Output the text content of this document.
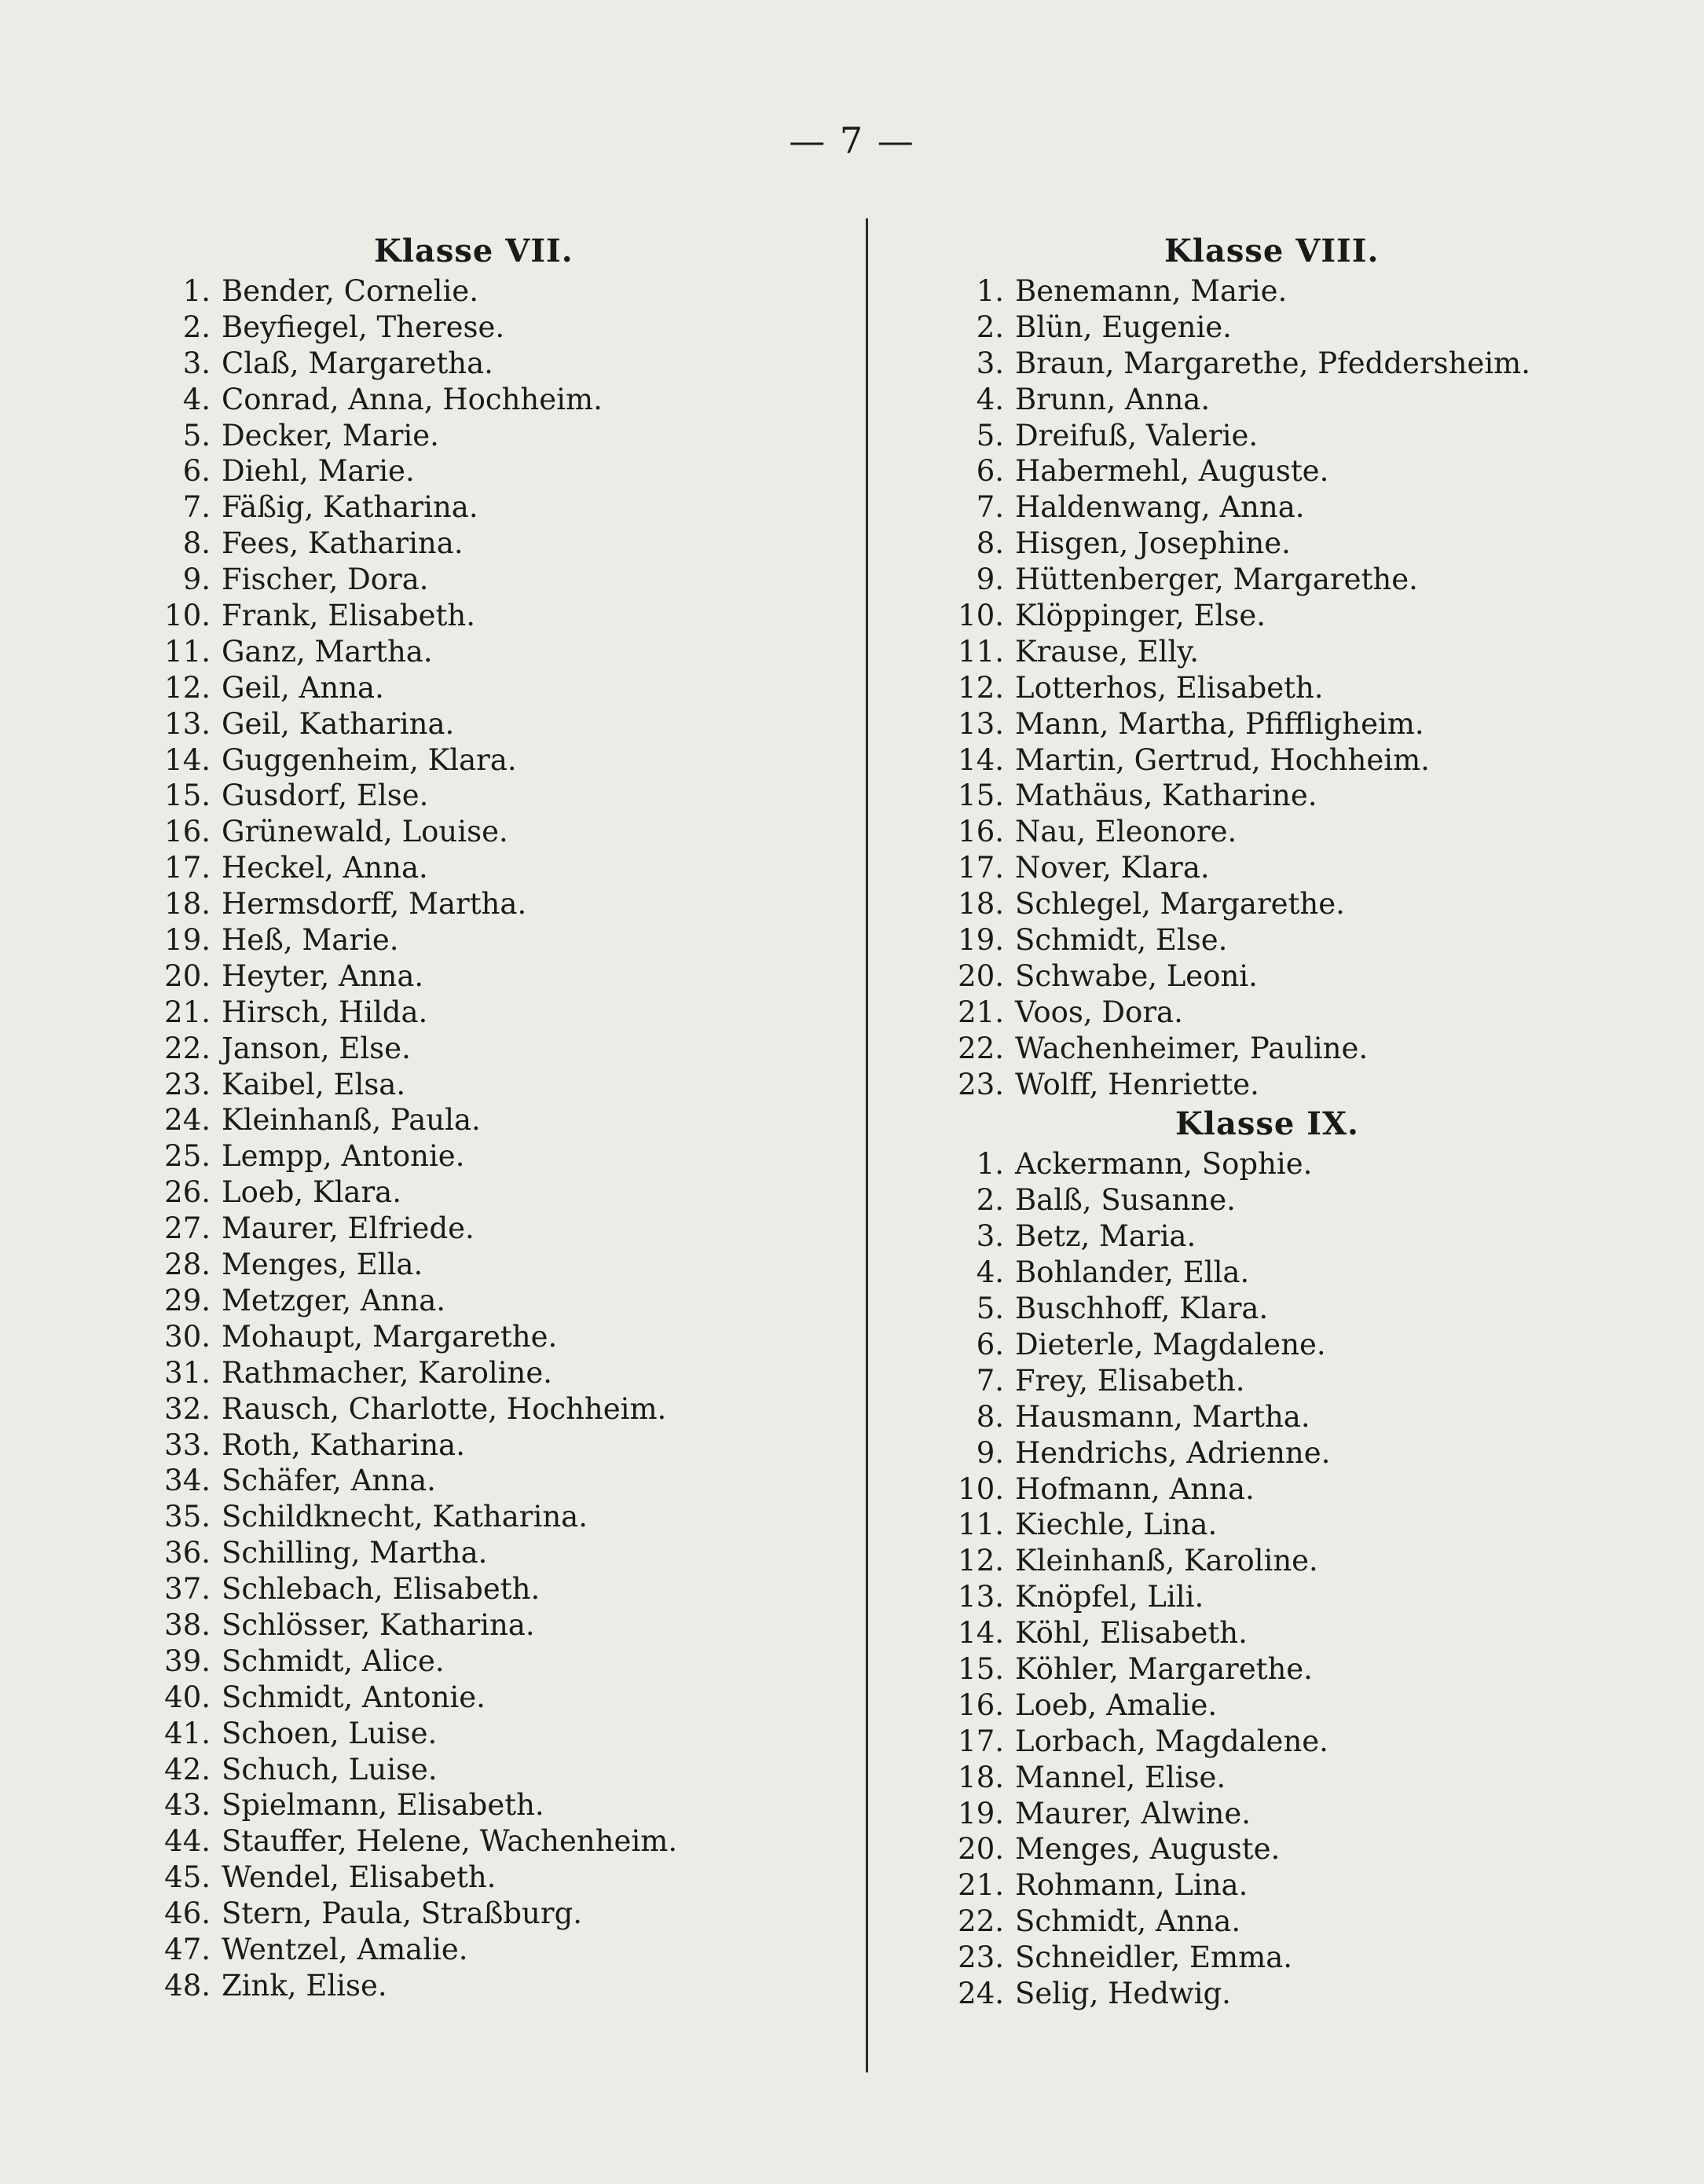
— 7 —
Klasse VII.
1. Bender, Cornelie.
2. Beyfiegel, Therese.
3. Claß, Margaretha.
4. Conrad, Anna, Hochheim.
5. Decker, Marie.
6. Diehl, Marie.
7. Fäßig, Katharina.
8. Fees, Katharina.
9. Fischer, Dora.
10. Frank, Elisabeth.
11. Ganz, Martha.
12. Geil, Anna.
13. Geil, Katharina.
14. Guggenheim, Klara.
15. Gusdorf, Else.
16. Grünewald, Louise.
17. Heckel, Anna.
18. Hermsdorff, Martha.
19. Heß, Marie.
20. Heyter, Anna.
21. Hirsch, Hilda.
22. Janson, Else.
23. Kaibel, Elsa.
24. Kleinhanß, Paula.
25. Lempp, Antonie.
26. Loeb, Klara.
27. Maurer, Elfriede.
28. Menges, Ella.
29. Metzger, Anna.
30. Mohaupt, Margarethe.
31. Rathmacher, Karoline.
32. Rausch, Charlotte, Hochheim.
33. Roth, Katharina.
34. Schäfer, Anna.
35. Schildknecht, Katharina.
36. Schilling, Martha.
37. Schlebach, Elisabeth.
38. Schlösser, Katharina.
39. Schmidt, Alice.
40. Schmidt, Antonie.
41. Schoen, Luise.
42. Schuch, Luise.
43. Spielmann, Elisabeth.
44. Stauffer, Helene, Wachenheim.
45. Wendel, Elisabeth.
46. Stern, Paula, Straßburg.
47. Wentzel, Amalie.
48. Zink, Elise.
Klasse VIII.
1. Benemann, Marie.
2. Blün, Eugenie.
3. Braun, Margarethe, Pfeddersheim.
4. Brunn, Anna.
5. Dreifuß, Valerie.
6. Habermehl, Auguste.
7. Haldenwang, Anna.
8. Hisgen, Josephine.
9. Hüttenberger, Margarethe.
10. Klöppinger, Else.
11. Krause, Elly.
12. Lotterhos, Elisabeth.
13. Mann, Martha, Pfiffligheim.
14. Martin, Gertrud, Hochheim.
15. Mathäus, Katharine.
16. Nau, Eleonore.
17. Nover, Klara.
18. Schlegel, Margarethe.
19. Schmidt, Else.
20. Schwabe, Leoni.
21. Voos, Dora.
22. Wachenheimer, Pauline.
23. Wolff, Henriette.
Klasse IX.
1. Ackermann, Sophie.
2. Balß, Susanne.
3. Betz, Maria.
4. Bohlander, Ella.
5. Buschhoff, Klara.
6. Dieterle, Magdalene.
7. Frey, Elisabeth.
8. Hausmann, Martha.
9. Hendrichs, Adrienne.
10. Hofmann, Anna.
11. Kiechle, Lina.
12. Kleinhanß, Karoline.
13. Knöpfel, Lili.
14. Köhl, Elisabeth.
15. Köhler, Margarethe.
16. Loeb, Amalie.
17. Lorbach, Magdalene.
18. Mannel, Elise.
19. Maurer, Alwine.
20. Menges, Auguste.
21. Rohmann, Lina.
22. Schmidt, Anna.
23. Schneidler, Emma.
24. Selig, Hedwig.
